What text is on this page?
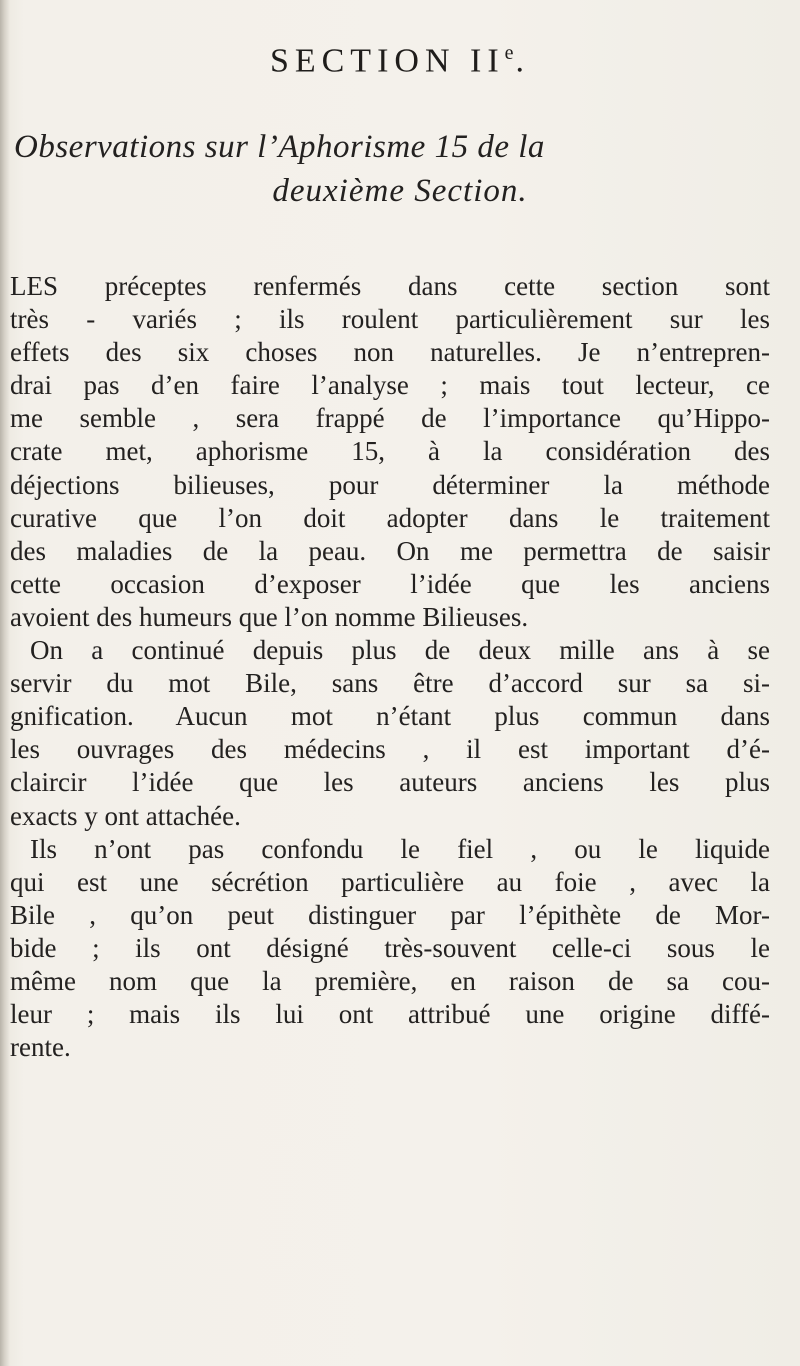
SECTION IIe.
Observations sur l’Aphorisme 15 de la
deuxième Section.
LES préceptes renfermés dans cette section sont
très - variés ; ils roulent particulièrement sur les
effets des six choses non naturelles. Je n’entrepren-
drai pas d’en faire l’analyse ; mais tout lecteur, ce
me semble , sera frappé de l’importance qu’Hippo-
crate met, aphorisme 15, à la considération des
déjections bilieuses, pour déterminer la méthode
curative que l’on doit adopter dans le traitement
des maladies de la peau. On me permettra de saisir
cette occasion d’exposer l’idée que les anciens
avoient des humeurs que l’on nomme Bilieuses.
On a continué depuis plus de deux mille ans à se
servir du mot Bile, sans être d’accord sur sa si-
gnification. Aucun mot n’étant plus commun dans
les ouvrages des médecins , il est important d’é-
claircir l’idée que les auteurs anciens les plus
exacts y ont attachée.
Ils n’ont pas confondu le fiel , ou le liquide
qui est une sécrétion particulière au foie , avec la
Bile , qu’on peut distinguer par l’épithète de Mor-
bide ; ils ont désigné très-souvent celle-ci sous le
même nom que la première, en raison de sa cou-
leur ; mais ils lui ont attribué une origine diffé-
rente.
